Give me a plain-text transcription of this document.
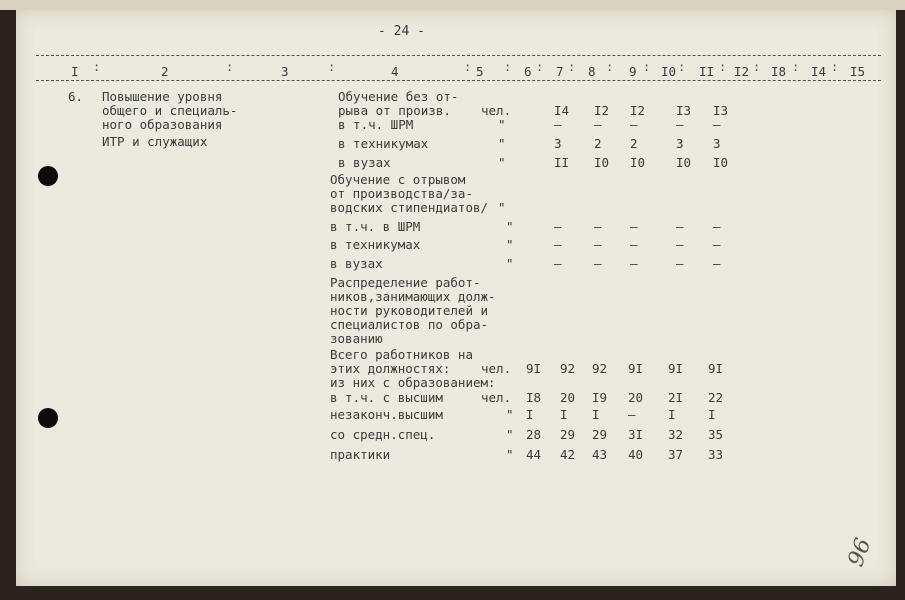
- 24 -
I	2	3	4	5	6 7 8	9 I0 II I2 I8 I4 I5
:	:	:	:	: : :	: : :	: :	:	:
6. Повышение уровня
общего и специаль-
ного образования
ИТР и служащих
Обучение без от-
рыва от произв. чел.	I4 I2 I2 I3 I3
в т.ч. ШРМ	"	–	– –	– –
в техникумах	"	3	2 2	3 3
в вузах	"	II I0 I0 I0 I0
Обучение с отрывом
от производства/за-
водских стипендиатов/ "
в т.ч. в ШРМ	"	–	– –	– –
в техникумах	"	–	– –	– –
в вузах	"	–	– –	– –
Распределение работ-
ников,занимающих долж-
ности руководителей и
специалистов по обра-
зованию
Всего работников на
этих должностях: чел. 9I 92 92 9I 9I 9I
из них с образованием:
в т.ч. с высшим	чел. I8 20 I9 20 2I 22
незаконч.высшим	" I I I –	I	I
со средн.спец.	" 28 29 29 3I 32 35
практики	" 44 42 43 40 37 33
96
